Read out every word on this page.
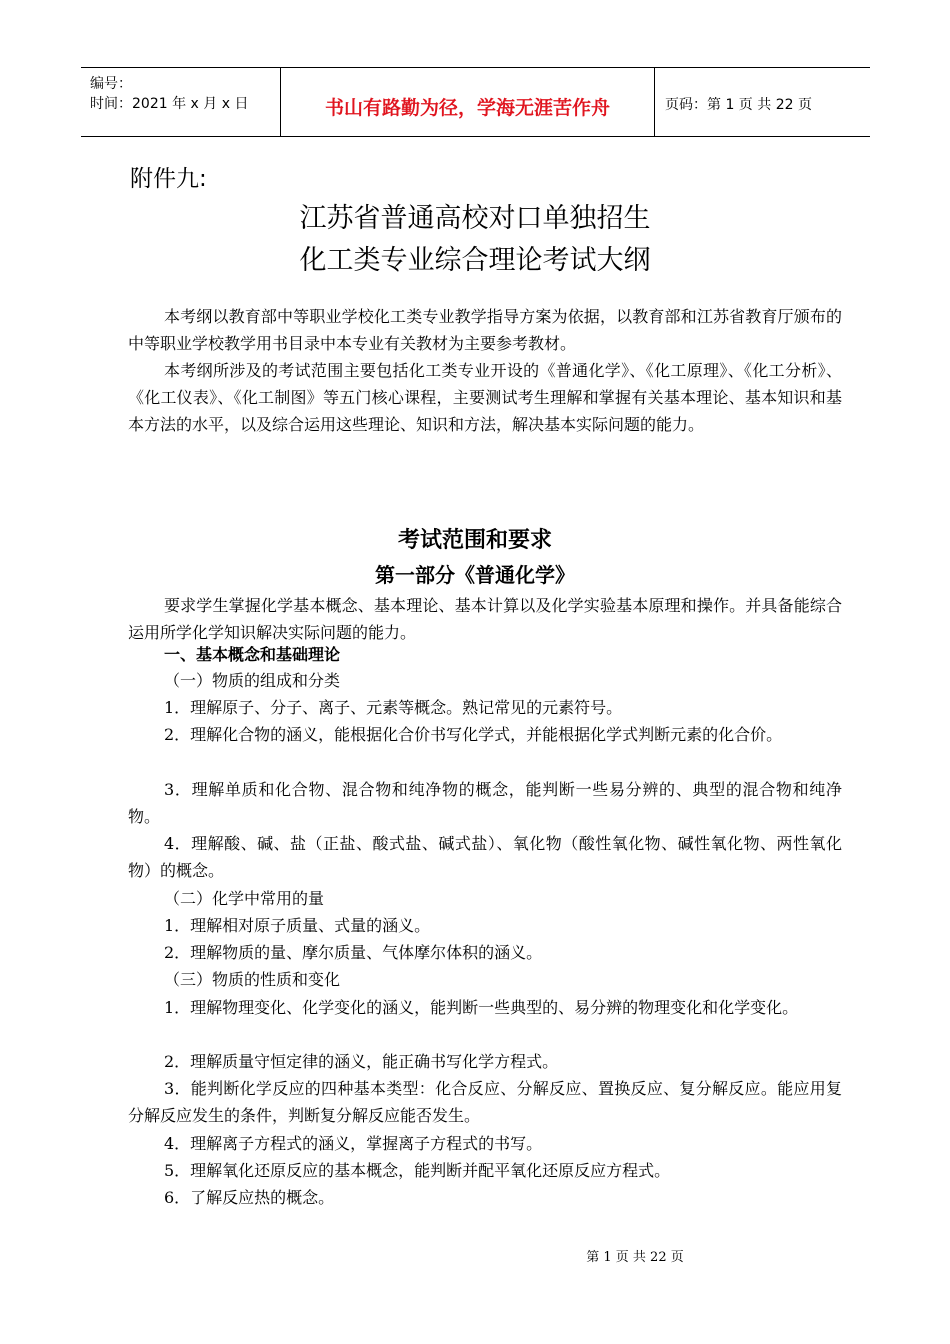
编号：
时间：2021 年 x 月 x 日	书山有路勤为径，学海无涯苦作舟	页码：第 1 页 共 22 页
附件九:
江苏省普通高校对口单独招生
化工类专业综合理论考试大纲
本考纲以教育部中等职业学校化工类专业教学指导方案为依据，以教育部和江苏省教育厅颁布的中等职业学校教学用书目录中本专业有关教材为主要参考教材。
本考纲所涉及的考试范围主要包括化工类专业开设的《普通化学》、《化工原理》、《化工分析》、《化工仪表》、《化工制图》等五门核心课程，主要测试考生理解和掌握有关基本理论、基本知识和基本方法的水平，以及综合运用这些理论、知识和方法，解决基本实际问题的能力。
考试范围和要求
第一部分《普通化学》
要求学生掌握化学基本概念、基本理论、基本计算以及化学实验基本原理和操作。并具备能综合运用所学化学知识解决实际问题的能力。
一、基本概念和基础理论
（一）物质的组成和分类
1．理解原子、分子、离子、元素等概念。熟记常见的元素符号。
2．理解化合物的涵义，能根据化合价书写化学式，并能根据化学式判断元素的化合价。
3．理解单质和化合物、混合物和纯净物的概念，能判断一些易分辨的、典型的混合物和纯净物。
4．理解酸、碱、盐（正盐、酸式盐、碱式盐）、氧化物（酸性氧化物、碱性氧化物、两性氧化物）的概念。
（二）化学中常用的量
1．理解相对原子质量、式量的涵义。
2．理解物质的量、摩尔质量、气体摩尔体积的涵义。
（三）物质的性质和变化
1．理解物理变化、化学变化的涵义，能判断一些典型的、易分辨的物理变化和化学变化。
2．理解质量守恒定律的涵义，能正确书写化学方程式。
3．能判断化学反应的四种基本类型：化合反应、分解反应、置换反应、复分解反应。能应用复分解反应发生的条件，判断复分解反应能否发生。
4．理解离子方程式的涵义，掌握离子方程式的书写。
5．理解氧化还原反应的基本概念，能判断并配平氧化还原反应方程式。
6．了解反应热的概念。
第 1 页 共 22 页
